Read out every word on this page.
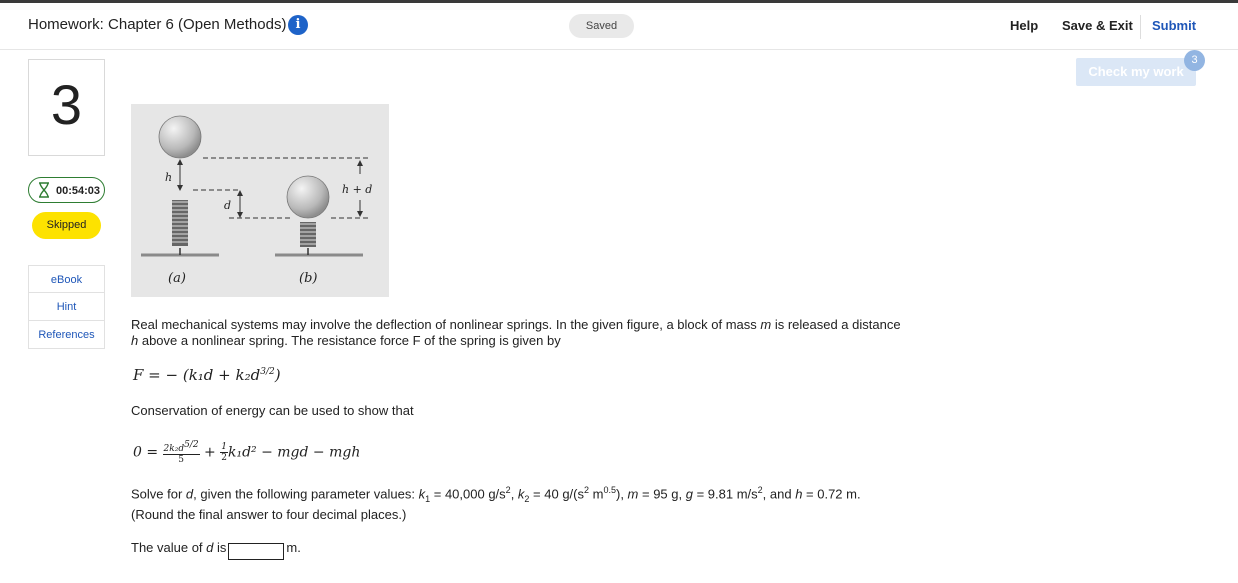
Homework: Chapter 6 (Open Methods) i	Saved	Help Save & Exit Submit
Check my work
3
3
00:54:03
Skipped
eBook
Hint
References
h
d
h + d
(a)	(b)
Real mechanical systems may involve the deflection of nonlinear springs. In the given figure, a block of mass m is released a distance
h above a nonlinear spring. The resistance force F of the spring is given by
F = − $(k_1d + k_2d^{3/2})$
Conservation of energy can be used to show that
$0 = \frac{2k_2d^{5/2}}{5} + \frac{1}{2} k_1d^2$ − mgd − mgh
Solve for d, given the following parameter values: $k_1 = 40,000$ $g/s^2$, $k_2 = 40$ $g/(s^2$ $m^{0.5}$), m = 95 g, g = 9.81 $m/s^2$, and h = 0.72 m.
(Round the final answer to four decimal places.)
The value of d is	m.
